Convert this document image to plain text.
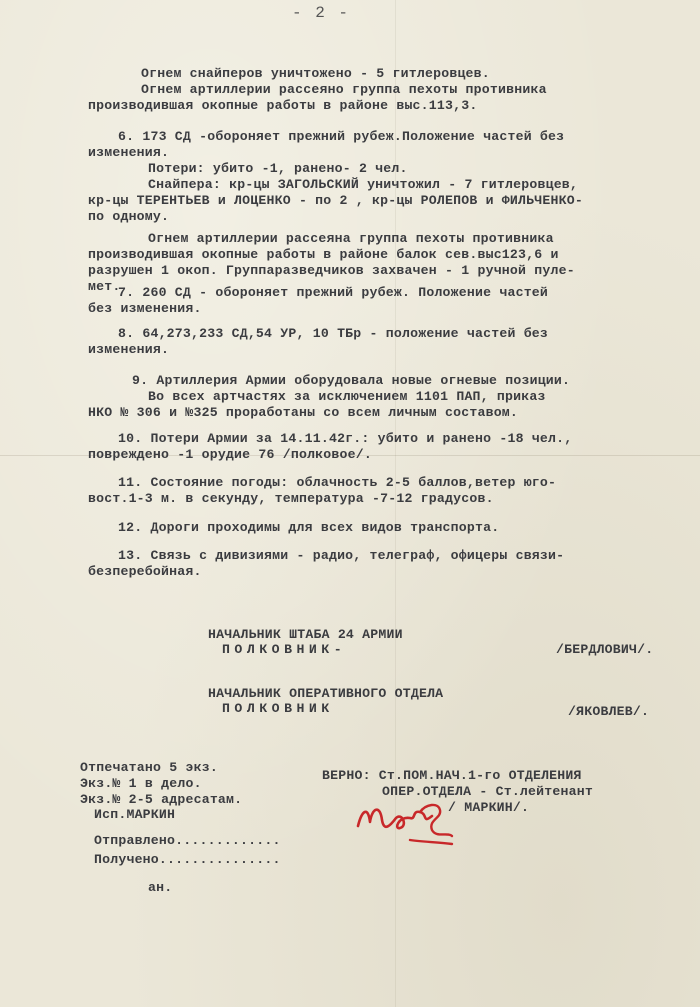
- 2 -
Огнем снайперов уничтожено - 5 гитлеровцев.
Огнем артиллерии рассеяно группа пехоты противника
производившая окопные работы в районе выс.113,3.
6. 173 СД -обороняет прежний рубеж.Положение частей без
изменения.
Потери: убито -1, ранено- 2 чел.
Снайпера: кр-цы ЗАГОЛЬСКИЙ уничтожил - 7 гитлеровцев,
кр-цы ТЕРЕНТЬЕВ и ЛОЦЕНКО - по 2 , кр-цы РОЛЕПОВ и ФИЛЬЧЕНКО-
по одному.
Огнем артиллерии рассеяна группа пехоты противника
производившая окопные работы в районе балок сев.выс123,6 и
разрушен 1 окоп. Группаразведчиков захвачен - 1 ручной пуле-
мет.
7. 260 СД - обороняет прежний рубеж. Положение частей
без изменения.
8. 64,273,233 СД,54 УР, 10 ТБр - положение частей без
изменения.
9. Артиллерия Армии оборудовала новые огневые позиции.
Во всех артчастях за исключением 1101 ПАП, приказ
НКО № 306 и №325 проработаны со всем личным составом.
10. Потери Армии за 14.11.42г.: убито и ранено -18 чел.,
повреждено -1 орудие 76 /полковое/.
11. Состояние погоды: облачность 2-5 баллов,ветер юго-
вост.1-3 м. в секунду, температура -7-12 градусов.
12. Дороги проходимы для всех видов транспорта.
13. Связь с дивизиями - радио, телеграф, офицеры связи-
безперебойная.
НАЧАЛЬНИК ШТАБА 24 АРМИИ
ПОЛКОВНИК-	/БЕРДЛОВИЧ/.
НАЧАЛЬНИК ОПЕРАТИВНОГО ОТДЕЛА
ПОЛКОВНИК	/ЯКОВЛЕВ/.
Отпечатано 5 экз.
Экз.№ 1 в дело.
Экз.№ 2-5 адресатам.
Исп.МАРКИН
Отправлено.............
Получено...............
ан.
ВЕРНО: Ст.ПОМ.НАЧ.1-го ОТДЕЛЕНИЯ
ОПЕР.ОТДЕЛА - Ст.лейтенант
/ МАРКИН/.
